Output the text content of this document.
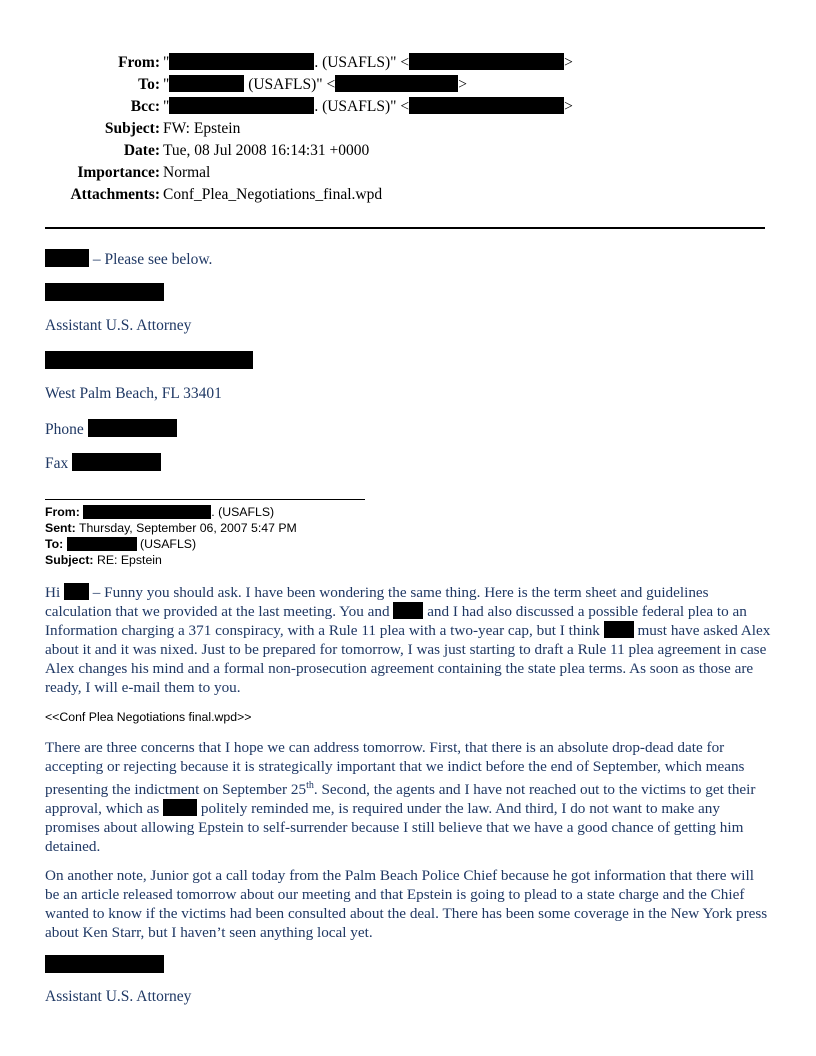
From: "	. (USAFLS)" <	>
To: "	(USAFLS)" <	>
Bcc: "	. (USAFLS)" <	>
Subject: FW: Epstein
Date: Tue, 08 Jul 2008 16:14:31 +0000
Importance: Normal
Attachments: Conf_Plea_Negotiations_final.wpd
– Please see below.
Assistant U.S. Attorney
West Palm Beach, FL 33401
Phone
Fax
From:	. (USAFLS)
Sent: Thursday, September 06, 2007 5:47 PM
To:	(USAFLS)
Subject: RE: Epstein
Hi  – Funny you should ask. I have been wondering the same thing. Here is the term sheet and guidelines calculation that we provided at the last meeting. You and  and I had also discussed a possible federal plea to an Information charging a 371 conspiracy, with a Rule 11 plea with a two-year cap, but I think  must have asked Alex about it and it was nixed. Just to be prepared for tomorrow, I was just starting to draft a Rule 11 plea agreement in case Alex changes his mind and a formal non-prosecution agreement containing the state plea terms. As soon as those are ready, I will e-mail them to you.
<<Conf Plea Negotiations final.wpd>>
There are three concerns that I hope we can address tomorrow. First, that there is an absolute drop-dead date for accepting or rejecting because it is strategically important that we indict before the end of September, which means presenting the indictment on September 25th. Second, the agents and I have not reached out to the victims to get their approval, which as  politely reminded me, is required under the law. And third, I do not want to make any promises about allowing Epstein to self-surrender because I still believe that we have a good chance of getting him detained.
On another note, Junior got a call today from the Palm Beach Police Chief because he got information that there will be an article released tomorrow about our meeting and that Epstein is going to plead to a state charge and the Chief wanted to know if the victims had been consulted about the deal. There has been some coverage in the New York press about Ken Starr, but I haven’t seen anything local yet.
Assistant U.S. Attorney
